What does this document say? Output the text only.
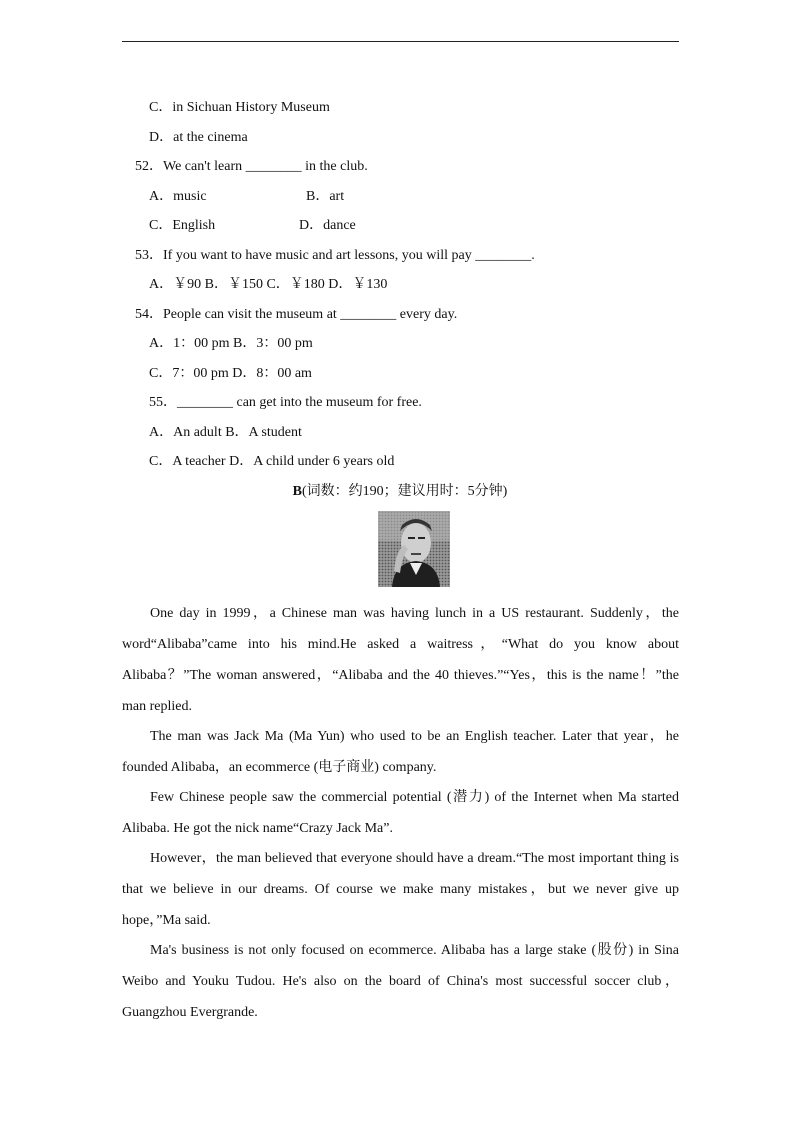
C．in Sichuan History Museum
D．at the cinema
52．We can't learn ________ in the club.
A．music	B．art
C．English	D．dance
53．If you want to have music and art lessons, you will pay ________.
A．￥90 B．￥150 C．￥180 D．￥130
54．People can visit the museum at ________ every day.
A．1：00 pm B．3：00 pm
C．7：00 pm D．8：00 am
55．________ can get into the museum for free.
A．An adult B．A student
C．A teacher D．A child under 6 years old
B(词数：约190；建议用时：5分钟)
One day in 1999，a Chinese man was having lunch in a US restaurant. Suddenly，the word“Alibaba”came into his mind.He asked a waitress，“What do you know about Alibaba？”The woman answered，“Alibaba and the 40 thieves.”“Yes，this is the name！”the man replied.
The man was Jack Ma (Ma Yun) who used to be an English teacher. Later that year，he founded Alibaba，an ecommerce (电子商业) company.
Few Chinese people saw the commercial potential (潜力) of the Internet when Ma started Alibaba. He got the nick name“Crazy Jack Ma”.
However，the man believed that everyone should have a dream.“The most important thing is that we believe in our dreams. Of course we make many mistakes，but we never give up hope，”Ma said.
Ma's business is not only focused on ecommerce. Alibaba has a large stake (股份) in Sina Weibo and Youku Tudou. He's also on the board of China's most successful soccer club，Guangzhou Evergrande.
